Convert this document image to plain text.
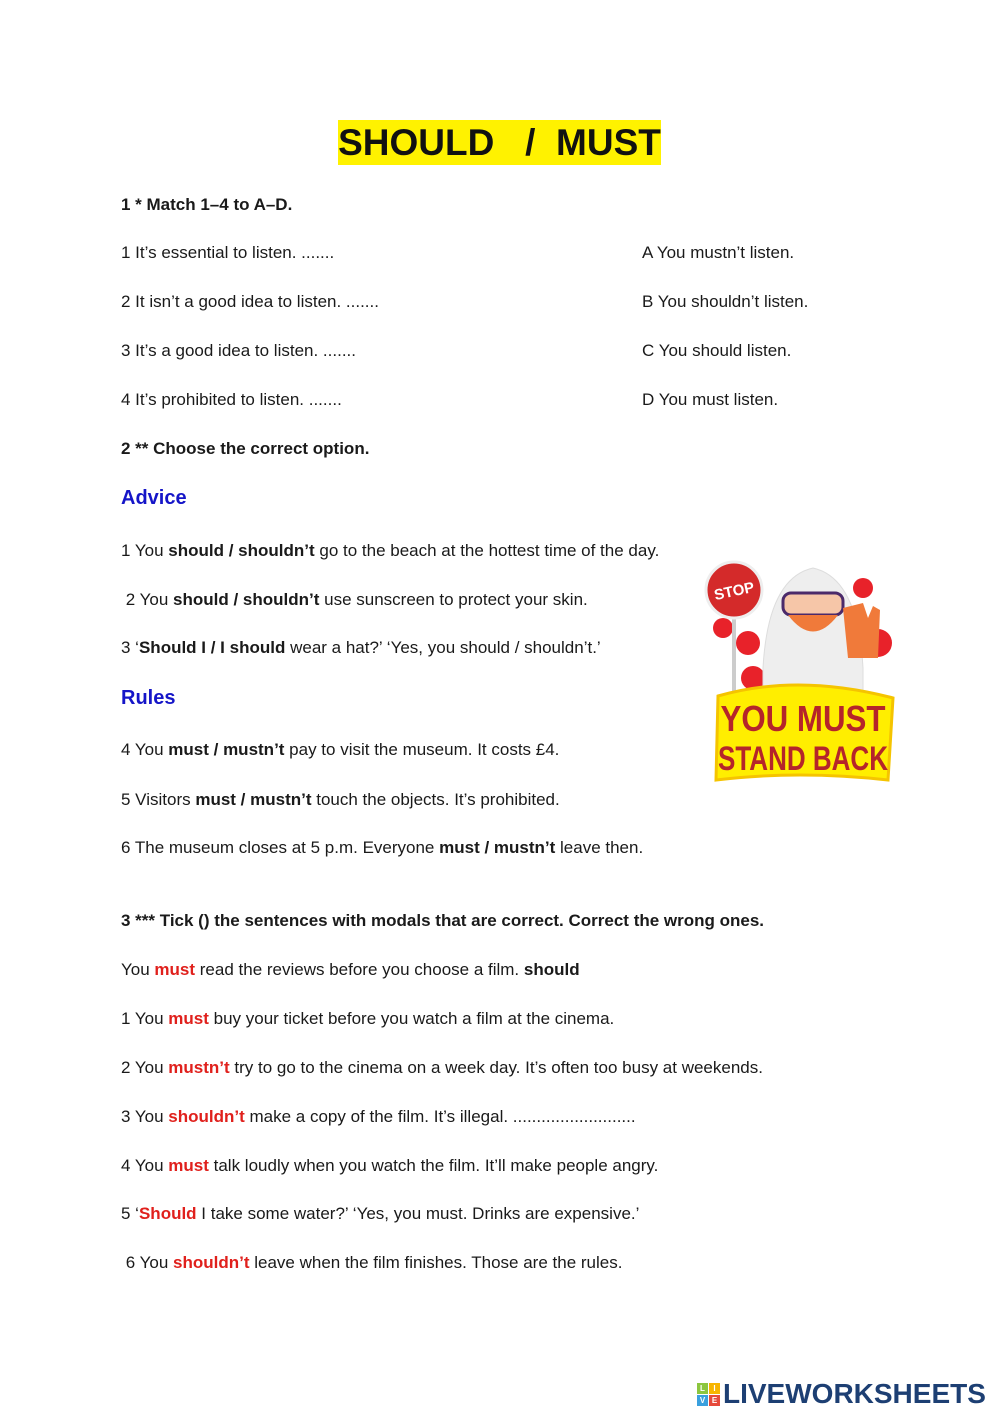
SHOULD   /  MUST
1 * Match 1–4 to A–D.
1 It’s essential to listen. .......
2 It isn’t a good idea to listen. .......
3 It’s a good idea to listen. .......
4 It’s prohibited to listen. .......
A You mustn’t listen.
B You shouldn’t listen.
C You should listen.
D You must listen.
2 ** Choose the correct option.
Advice
1 You should / shouldn’t go to the beach at the hottest time of the day.
2 You should / shouldn’t use sunscreen to protect your skin.
3 ‘Should I / I should wear a hat?’ ‘Yes, you should / shouldn’t.’
Rules
4 You must / mustn’t pay to visit the museum. It costs £4.
5 Visitors must / mustn’t touch the objects. It’s prohibited.
6 The museum closes at 5 p.m. Everyone must / mustn’t leave then.
3 *** Tick () the sentences with modals that are correct. Correct the wrong ones.
You must read the reviews before you choose a film. should
1 You must buy your ticket before you watch a film at the cinema.
2 You mustn’t try to go to the cinema on a week day. It’s often too busy at weekends.
3 You shouldn’t make a copy of the film. It’s illegal. ..........................
4 You must talk loudly when you watch the film. It’ll make people angry.
5 ‘Should I take some water?’ ‘Yes, you must. Drinks are expensive.’
6 You shouldn’t leave when the film finishes. Those are the rules.
STOP
YOU MUST
STAND BACK
L	I
V E LIVEWORKSHEETS
